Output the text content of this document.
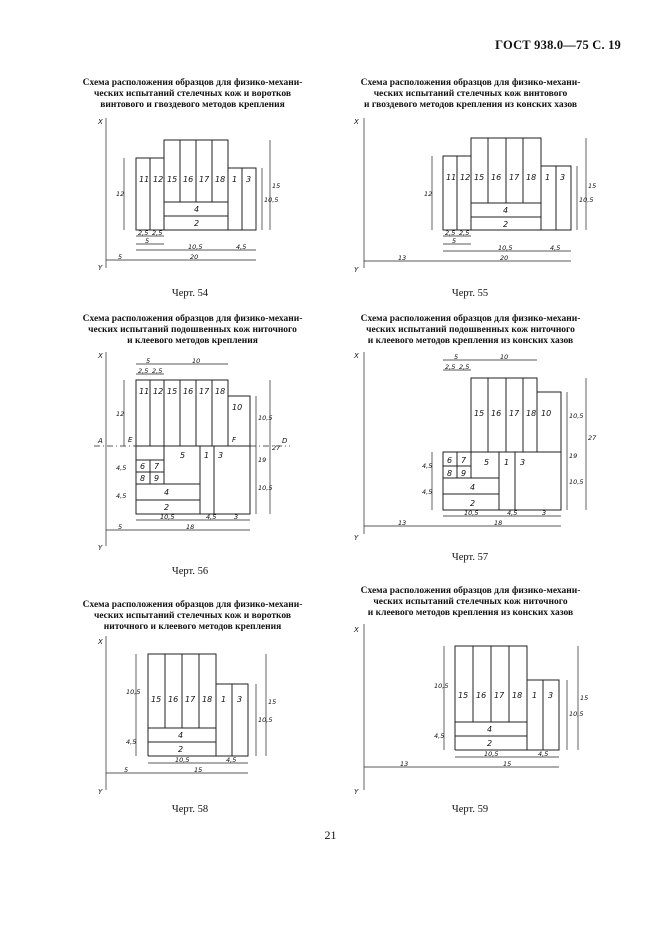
ГОСТ 938.0—75 С. 19
Схема расположения образцов для физико-механи-
ческих испытаний стелечных кож и воротков
винтового и гвоздевого методов крепления
X
Y
11 12 15 16 17 18 1 3
4
2
2,5 2,5
5
10,5	4,5
20
5
12
10,5
15
Черт. 54
Схема расположения образцов для физико-механи-
ческих испытаний стелечных кож винтового
и гвоздевого методов крепления из конских хазов
X
Y
11 12 15 16 17 18 1 3
4
2
2,5 2,5
5
10,5	4,5
20
13
12
10,5
15
Черт. 55
Схема расположения образцов для физико-механи-
ческих испытаний подошвенных кож ниточного
и клеевого методов крепления
X
Y
A	D
E	F
11 12 15 16 17 18
10
5 1 3
6 7
8 9
4
2
5	10
2,5 2,5
12
4,5
4,5
10,5	4,5	3
18
5
10,5
19
10,5
27
Черт. 56
Схема расположения образцов для физико-механи-
ческих испытаний подошвенных кож ниточного
и клеевого методов крепления из конских хазов
X
Y
15 16 17 18 10
5 1 3
6 7
8 9
4
2
5	10
2,5 2,5
4,5
4,5
10,5	4,5	3
18
13
10,5
19
10,5
27
Черт. 57
Схема расположения образцов для физико-механи-
ческих испытаний стелечных кож и воротков
ниточного и клеевого методов крепления
X
Y
15 16 17 18 1 3
4
2
10,5
4,5
10,5	4,5
15
5
10,5
15
Черт. 58
Схема расположения образцов для физико-механи-
ческих испытаний стелечных кож ниточного
и клеевого методов крепления из конских хазов
X
Y
15 16 17 18 1 3
4
2
10,5
4,5
10,5	4,5
15
13
10,5
15
Черт. 59
21
